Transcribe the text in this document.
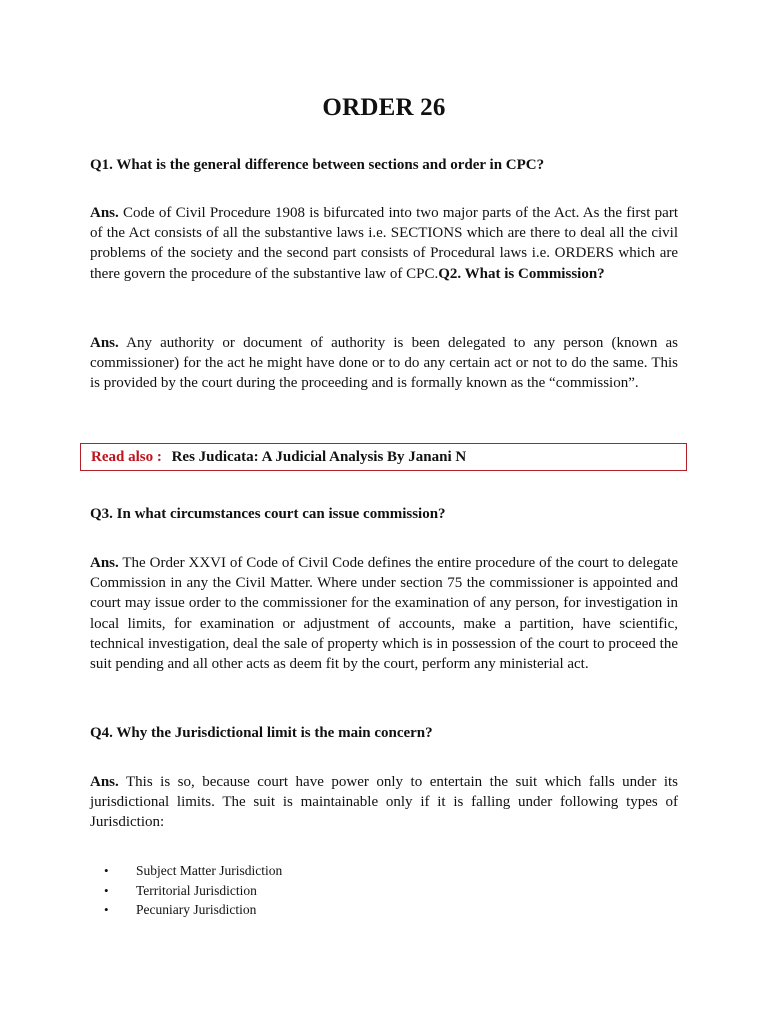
ORDER 26
Q1. What is the general difference between sections and order in CPC?
Ans. Code of Civil Procedure 1908 is bifurcated into two major parts of the Act. As the first part of the Act consists of all the substantive laws i.e. SECTIONS which are there to deal all the civil problems of the society and the second part consists of Procedural laws i.e. ORDERS which are there govern the procedure of the substantive law of CPC.Q2. What is Commission?
Ans. Any authority or document of authority is been delegated to any person (known as commissioner) for the act he might have done or to do any certain act or not to do the same. This is provided by the court during the proceeding and is formally known as the “commission”.
Read also : Res Judicata: A Judicial Analysis By Janani N
Q3. In what circumstances court can issue commission?
Ans. The Order XXVI of Code of Civil Code defines the entire procedure of the court to delegate Commission in any the Civil Matter. Where under section 75 the commissioner is appointed and court may issue order to the commissioner for the examination of any person, for investigation in local limits, for examination or adjustment of accounts, make a partition, have scientific, technical investigation, deal the sale of property which is in possession of the court to proceed the suit pending and all other acts as deem fit by the court, perform any ministerial act.
Q4. Why the Jurisdictional limit is the main concern?
Ans. This is so, because court have power only to entertain the suit which falls under its jurisdictional limits. The suit is maintainable only if it is falling under following types of Jurisdiction:
• Subject Matter Jurisdiction
• Territorial Jurisdiction
• Pecuniary Jurisdiction
